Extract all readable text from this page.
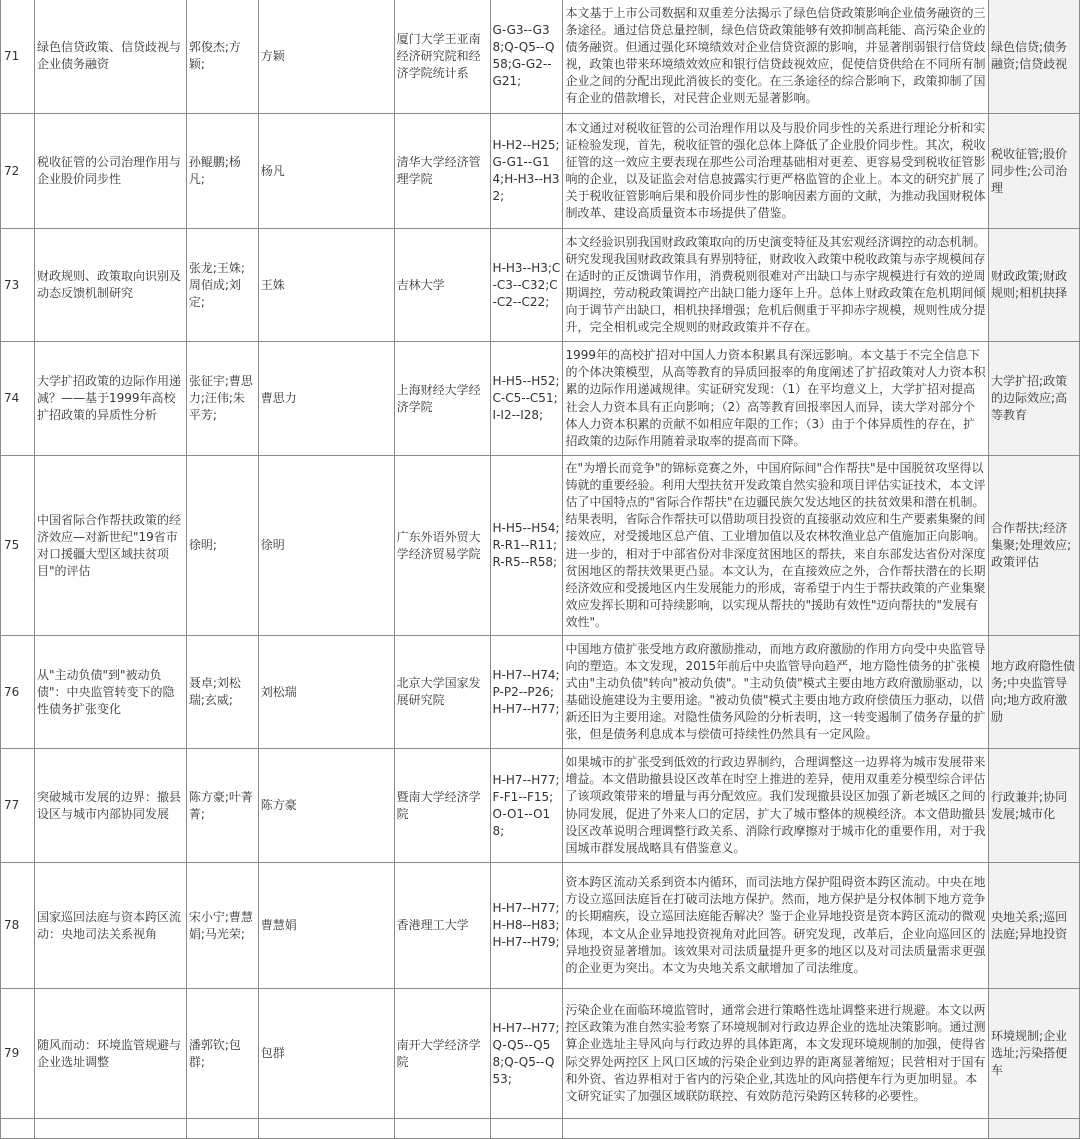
71	绿色信贷政策、信贷歧视与企业债务融资	郭俊杰;方颖;	方颖	厦门大学王亚南经济研究院和经济学院统计系	G-G3--G38;Q-Q5--Q58;G-G2--G21;	本文基于上市公司数据和双重差分法揭示了绿色信贷政策影响企业债务融资的三条途径。通过信贷总量控制，绿色信贷政策能够有效抑制高耗能、高污染企业的债务融资。但通过强化环境绩效对企业信贷资源的影响，并显著削弱银行信贷歧视，政策也带来环境绩效效应和银行信贷歧视效应，促使信贷供给在不同所有制企业之间的分配出现此消彼长的变化。在三条途径的综合影响下，政策抑制了国有企业的借款增长，对民营企业则无显著影响。	绿色信贷;债务融资;信贷歧视
72	税收征管的公司治理作用与企业股价同步性	孙鲲鹏;杨凡;	杨凡	清华大学经济管理学院	H-H2--H25;G-G1--G14;H-H3--H32;	本文通过对税收征管的公司治理作用以及与股价同步性的关系进行理论分析和实证检验发现，首先，税收征管的强化总体上降低了企业股价同步性。其次，税收征管的这一效应主要表现在那些公司治理基础相对更差、更容易受到税收征管影响的企业，以及证监会对信息披露实行更严格监管的企业上。本文的研究扩展了关于税收征管影响后果和股价同步性的影响因素方面的文献，为推动我国财税体制改革、建设高质量资本市场提供了借鉴。	税收征管;股价同步性;公司治理
73	财政规则、政策取向识别及动态反馈机制研究	张龙;王姝;周佰成;刘定;	王姝	吉林大学	H-H3--H3;C-C3--C32;C-C2--C22;	本文经验识别我国财政政策取向的历史演变特征及其宏观经济调控的动态机制。研究发现我国财政政策具有界别特征，财政收入政策中税收政策与赤字规模间存在适时的正反馈调节作用，消费税则很难对产出缺口与赤字规模进行有效的逆周期调控，劳动税政策调控产出缺口能力逐年上升。总体上财政政策在危机期间倾向于调节产出缺口，相机抉择增强；危机后侧重于平抑赤字规模，规则性成分提升，完全相机或完全规则的财政政策并不存在。	财政政策;财政规则;相机抉择
74	大学扩招政策的边际作用递减？——基于1999年高校扩招政策的异质性分析	张征宇;曹思力;汪伟;朱平芳;	曹思力	上海财经大学经济学院	H-H5--H52;C-C5--C51;I-I2--I28;	1999年的高校扩招对中国人力资本积累具有深远影响。本文基于不完全信息下的个体决策模型，从高等教育的异质回报率的角度阐述了扩招政策对人力资本积累的边际作用递减规律。实证研究发现：（1）在平均意义上，大学扩招对提高社会人力资本具有正向影响；（2）高等教育回报率因人而异，读大学对部分个体人力资本积累的贡献不如相应年限的工作；（3）由于个体异质性的存在，扩招政策的边际作用随着录取率的提高而下降。	大学扩招;政策的边际效应;高等教育
75	中国省际合作帮扶政策的经济效应—对新世纪"19省市对口援疆大型区域扶贫项目"的评估	徐明;	徐明	广东外语外贸大学经济贸易学院	H-H5--H54;R-R1--R11;R-R5--R58;	在"为增长而竞争"的锦标竞赛之外，中国府际间"合作帮扶"是中国脱贫攻坚得以铸就的重要经验。利用大型扶贫开发政策自然实验和项目评估实证技术，本文评估了中国特点的"省际合作帮扶"在边疆民族欠发达地区的扶贫效果和潜在机制。结果表明，省际合作帮扶可以借助项目投资的直接驱动效应和生产要素集聚的间接效应，对受援地区总产值、工业增加值以及农林牧渔业总产值施加正向影响。进一步的，相对于中部省份对非深度贫困地区的帮扶，来自东部发达省份对深度贫困地区的帮扶效果更凸显。本文认为，在直接效应之外，合作帮扶潜在的长期经济效应和受援地区内生发展能力的形成，寄希望于内生于帮扶政策的产业集聚效应发挥长期和可持续影响，以实现从帮扶的"援助有效性"迈向帮扶的"发展有效性"。	合作帮扶;经济集聚;处理效应;政策评估
76	从"主动负债"到"被动负债"：中央监管转变下的隐性债务扩张变化	聂卓;刘松瑞;玄威;	刘松瑞	北京大学国家发展研究院	H-H7--H74;P-P2--P26;H-H7--H77;	中国地方债扩张受地方政府激励推动，而地方政府激励的作用方向受中央监管导向的塑造。本文发现，2015年前后中央监管导向趋严，地方隐性债务的扩张模式由"主动负债"转向"被动负债"。"主动负债"模式主要由地方政府激励驱动，以基础设施建设为主要用途。"被动负债"模式主要由地方政府偿债压力驱动，以借新还旧为主要用途。对隐性债务风险的分析表明，这一转变遏制了债务存量的扩张，但是债务利息成本与偿债可持续性仍然具有一定风险。	地方政府隐性债务;中央监管导向;地方政府激励
77	突破城市发展的边界：撤县设区与城市内部协同发展	陈方豪;叶菁菁;	陈方豪	暨南大学经济学院	H-H7--H77;F-F1--F15;O-O1--O18;	如果城市的扩张受到低效的行政边界制约，合理调整这一边界将为城市发展带来增益。本文借助撤县设区改革在时空上推进的差异，使用双重差分模型综合评估了该项政策带来的增量与再分配效应。我们发现撤县设区加强了新老城区之间的协同发展，促进了外来人口的定居，扩大了城市整体的规模经济。本文借助撤县设区改革说明合理调整行政关系、消除行政摩擦对于城市化的重要作用，对于我国城市群发展战略具有借鉴意义。	行政兼并;协同发展;城市化
78	国家巡回法庭与资本跨区流动：央地司法关系视角	宋小宁;曹慧娟;马光荣;	曹慧娟	香港理工大学	H-H7--H77;H-H8--H83;H-H7--H79;	资本跨区流动关系到资本内循环，而司法地方保护阻碍资本跨区流动。中央在地方设立巡回法庭旨在打破司法地方保护。然而，地方保护是分权体制下地方竞争的长期痼疾，设立巡回法庭能否解决？鉴于企业异地投资是资本跨区流动的微观体现，本文从企业异地投资视角对此回答。研究发现，改革后，企业向巡回区的异地投资显著增加。该效果对司法质量提升更多的地区以及对司法质量需求更强的企业更为突出。本文为央地关系文献增加了司法维度。	央地关系;巡回法庭;异地投资
79	随风而动：环境监管规避与企业选址调整	潘郭钦;包群;	包群	南开大学经济学院	H-H7--H77;Q-Q5--Q58;Q-Q5--Q53;	污染企业在面临环境监管时，通常会进行策略性选址调整来进行规避。本文以两控区政策为准自然实验考察了环境规制对行政边界企业的选址决策影响。通过测算企业选址主导风向与行政边界的具体距离，本文发现环境规制的加强，使得省际交界处两控区上风口区域的污染企业到边界的距离显著缩短；民营相对于国有和外资、省边界相对于省内的污染企业,其选址的风向搭便车行为更加明显。本文研究证实了加强区域联防联控、有效防范污染跨区转移的必要性。	环境规制;企业选址;污染搭便车
